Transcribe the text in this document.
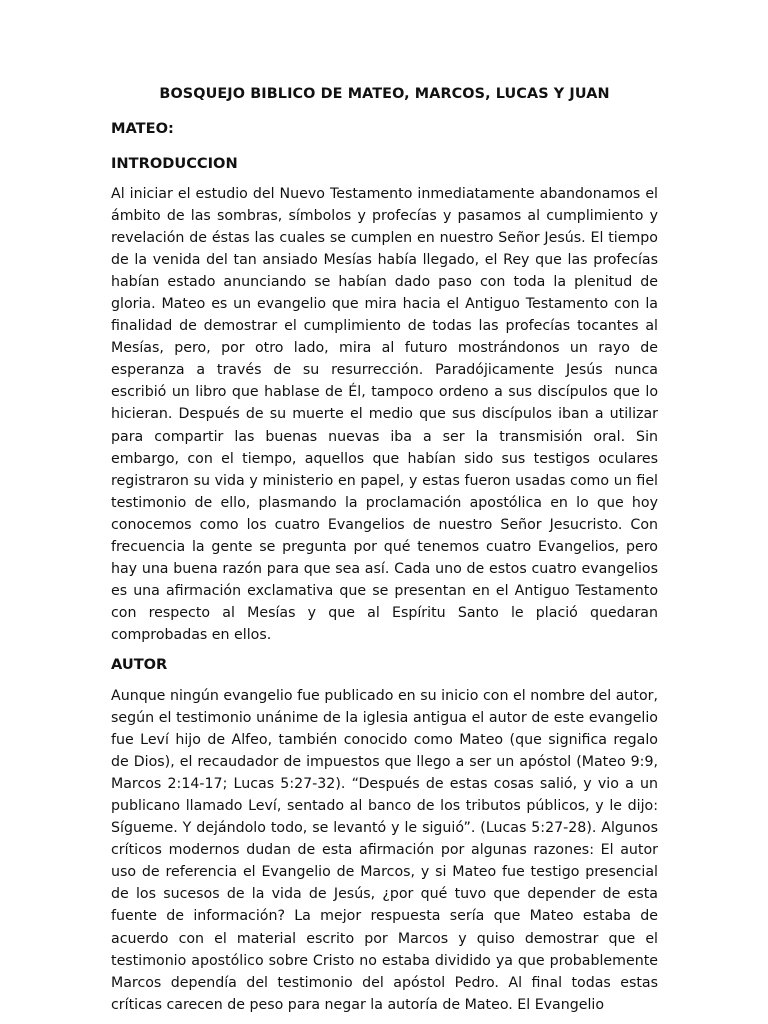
BOSQUEJO BIBLICO DE MATEO, MARCOS, LUCAS Y JUAN
MATEO:
INTRODUCCION

Al iniciar el estudio del Nuevo Testamento inmediatamente abandonamos el ámbito de las sombras, símbolos y profecías y pasamos al cumplimiento y revelación de éstas las cuales se cumplen en nuestro Señor Jesús. El tiempo de la venida del tan ansiado Mesías había llegado, el Rey que las profecías habían estado anunciando se habían dado paso con toda la plenitud de gloria. Mateo es un evangelio que mira hacia el Antiguo Testamento con la finalidad de demostrar el cumplimiento de todas las profecías tocantes al Mesías, pero, por otro lado, mira al futuro mostrándonos un rayo de esperanza a través de su resurrección. Paradójicamente Jesús nunca escribió un libro que hablase de Él, tampoco ordeno a sus discípulos que lo hicieran. Después de su muerte el medio que sus discípulos iban a utilizar para compartir las buenas nuevas iba a ser la transmisión oral. Sin embargo, con el tiempo, aquellos que habían sido sus testigos oculares registraron su vida y ministerio en papel, y estas fueron usadas como un fiel testimonio de ello, plasmando la proclamación apostólica en lo que hoy conocemos como los cuatro Evangelios de nuestro Señor Jesucristo. Con frecuencia la gente se pregunta por qué tenemos cuatro Evangelios, pero hay una buena razón para que sea así. Cada uno de estos cuatro evangelios es una afirmación exclamativa que se presentan en el Antiguo Testamento con respecto al Mesías y que al Espíritu Santo le plació quedaran comprobadas en ellos.

AUTOR

Aunque ningún evangelio fue publicado en su inicio con el nombre del autor, según el testimonio unánime de la iglesia antigua el autor de este evangelio fue Leví hijo de Alfeo, también conocido como Mateo (que significa regalo de Dios), el recaudador de impuestos que llego a ser un apóstol (Mateo 9:9, Marcos 2:14-17; Lucas 5:27-32). “Después de estas cosas salió, y vio a un publicano llamado Leví, sentado al banco de los tributos públicos, y le dijo: Sígueme. Y dejándolo todo, se levantó y le siguió”. (Lucas 5:27-28). Algunos críticos modernos dudan de esta afirmación por algunas razones: El autor uso de referencia el Evangelio de Marcos, y si Mateo fue testigo presencial de los sucesos de la vida de Jesús, ¿por qué tuvo que depender de esta fuente de información? La mejor respuesta sería que Mateo estaba de acuerdo con el material escrito por Marcos y quiso demostrar que el testimonio apostólico sobre Cristo no estaba dividido ya que probablemente Marcos dependía del testimonio del apóstol Pedro. Al final todas estas críticas carecen de peso para negar la autoría de Mateo. El Evangelio
